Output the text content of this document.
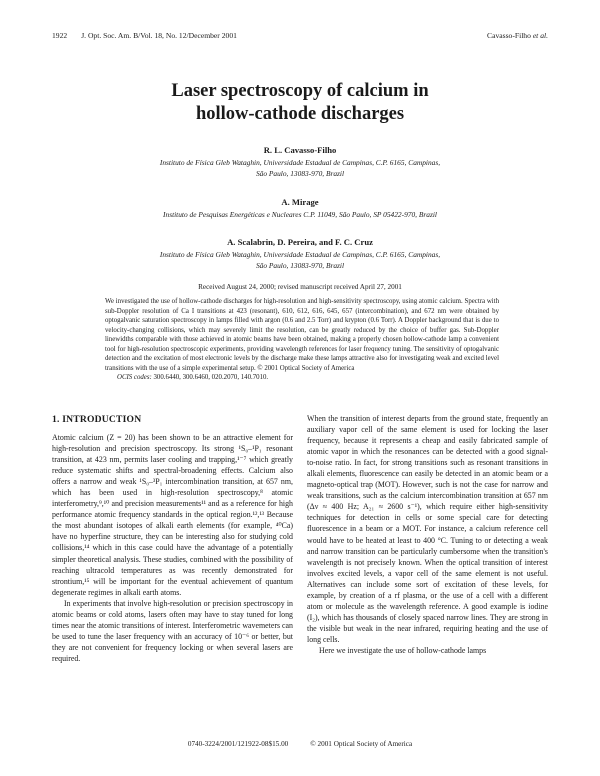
1922 J. Opt. Soc. Am. B/Vol. 18, No. 12/December 2001	Cavasso-Filho et al.
Laser spectroscopy of calcium in
hollow-cathode discharges
R. L. Cavasso-Filho
Instituto de Física Gleb Wataghin, Universidade Estadual de Campinas, C.P. 6165, Campinas,
São Paulo, 13083-970, Brazil
A. Mirage
Instituto de Pesquisas Energéticas e Nucleares C.P. 11049, São Paulo, SP 05422-970, Brazil
A. Scalabrin, D. Pereira, and F. C. Cruz
Instituto de Física Gleb Wataghin, Universidade Estadual de Campinas, C.P. 6165, Campinas,
São Paulo, 13083-970, Brazil
Received August 24, 2000; revised manuscript received April 27, 2001
We investigated the use of hollow-cathode discharges for high-resolution and high-sensitivity spectroscopy, using atomic calcium. Spectra with sub-Doppler resolution of Ca I transitions at 423 (resonant), 610, 612, 616, 645, 657 (intercombination), and 672 nm were obtained by optogalvanic saturation spectroscopy in lamps filled with argon (0.6 and 2.5 Torr) and krypton (0.6 Torr). A Doppler background that is due to velocity-changing collisions, which may severely limit the resolution, can be greatly reduced by the choice of buffer gas. Sub-Doppler linewidths comparable with those achieved in atomic beams have been obtained, making a properly chosen hollow-cathode lamp a convenient tool for high-resolution spectroscopic experiments, providing wavelength references for laser frequency tuning. The sensitivity of optogalvanic detection and the excitation of most electronic levels by the discharge make these lamps attractive also for investigating weak and excited level transitions with the use of a simple experimental setup. © 2001 Optical Society of America
OCIS codes: 300.6440, 300.6460, 020.2070, 140.7010.
1. INTRODUCTION

Atomic calcium (Z = 20) has been shown to be an attractive element for high-resolution and precision spectroscopy. Its strong ¹S₀–¹P₁ resonant transition, at 423 nm, permits laser cooling and trapping,¹⁻⁷ which greatly reduce systematic shifts and spectral-broadening effects. Calcium also offers a narrow and weak ¹S₀–³P₁ intercombination transition, at 657 nm, which has been used in high-resolution spectroscopy,⁸ atomic interferometry,⁹,¹⁰ and precision measurements¹¹ and as a reference for high performance atomic frequency standards in the optical region.¹²,¹³ Because the most abundant isotopes of alkali earth elements (for example, ⁴⁰Ca) have no hyperfine structure, they can be interesting also for studying cold collisions,¹⁴ which in this case could have the advantage of a potentially simpler theoretical analysis. These studies, combined with the possibility of reaching ultracold temperatures as was recently demonstrated for strontium,¹⁵ will be important for the eventual achievement of quantum degenerate regimes in alkali earth atoms.

In experiments that involve high-resolution or precision spectroscopy in atomic beams or cold atoms, lasers often may have to stay tuned for long times near the atomic transitions of interest. Interferometric wavemeters can be used to tune the laser frequency with an accuracy of 10⁻⁶ or better, but they are not convenient for frequency locking or when several lasers are required.

When the transition of interest departs from the ground state, frequently an auxiliary vapor cell of the same element is used for locking the laser frequency, because it represents a cheap and easily fabricated sample of atomic vapor in which the resonances can be detected with a good signal-to-noise ratio. In fact, for strong transitions such as resonant transitions in alkali elements, fluorescence can easily be detected in an atomic beam or a magneto-optical trap (MOT). However, such is not the case for narrow and weak transitions, such as the calcium intercombination transition at 657 nm (Δν ≈ 400 Hz; A₂₁ ≈ 2600 s⁻¹), which require either high-sensitivity techniques for detection in cells or some special care for detecting fluorescence in a beam or a MOT. For instance, a calcium reference cell would have to be heated at least to 400 °C. Tuning to or detecting a weak and narrow transition can be particularly cumbersome when the transition's wavelength is not precisely known. When the optical transition of interest involves excited levels, a vapor cell of the same element is not useful. Alternatives can include some sort of excitation of these levels, for example, by creation of a rf plasma, or the use of a cell with a different atom or molecule as the wavelength reference. A good example is iodine (I₂), which has thousands of closely spaced narrow lines. They are strong in the visible but weak in the near infrared, requiring heating and the use of long cells.

Here we investigate the use of hollow-cathode lamps

0740-3224/2001/121922-08$15.00	© 2001 Optical Society of America
